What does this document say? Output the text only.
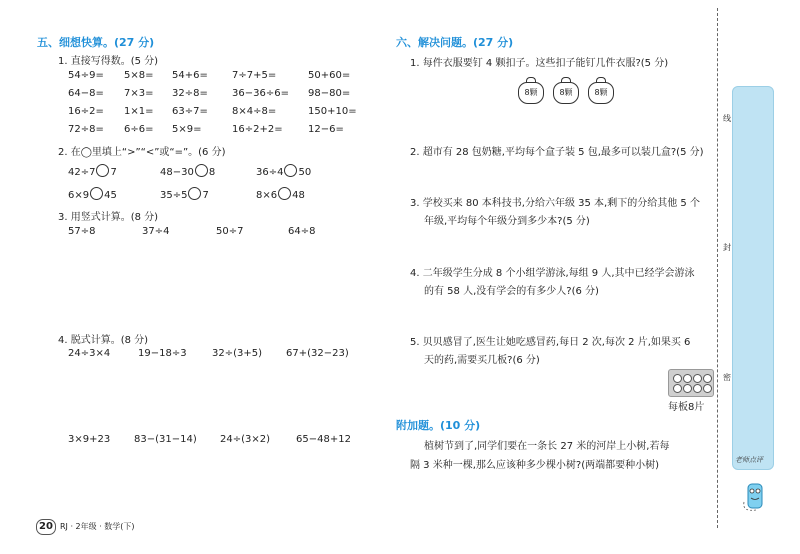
五、细想快算。(27 分)
1. 直接写得数。(5 分)
54÷9= 5×8= 54+6= 7÷7+5=	50+60=
64−8= 7×3= 32÷8= 36−36÷6= 98−80=
16÷2= 1×1= 63÷7= 8×4÷8=	150+10=
72÷8= 6÷6= 5×9=	16÷2+2=	12−6=
2. 在◯里填上“>”“<”或“=”。(6 分)
42÷7 7	48−30 8	36÷4 50
6×9 45	35÷5 7	8×6 48
3. 用竖式计算。(8 分)
57÷8	37÷4	50÷7	64÷8
4. 脱式计算。(8 分)
24÷3×4	19−18÷3	32÷(3+5) 67+(32−23)
3×9+23 83−(31−14) 24÷(3×2)	65−48+12
六、解决问题。(27 分)
1. 每件衣服要钉 4 颗扣子。这些扣子能钉几件衣服?(5 分)
8颗	8颗	8颗
2. 超市有 28 包奶糖,平均每个盒子装 5 包,最多可以装几盒?(5 分)
3. 学校买来 80 本科技书,分给六年级 35 本,剩下的分给其他 5 个
年级,平均每个年级分到多少本?(5 分)
4. 二年级学生分成 8 个小组学游泳,每组 9 人,其中已经学会游泳
的有 58 人,没有学会的有多少人?(6 分)
5. 贝贝感冒了,医生让她吃感冒药,每日 2 次,每次 2 片,如果买 6
天的药,需要买几板?(6 分)
每板8片
附加题。(10 分)
植树节到了,同学们要在一条长 27 米的河岸上小树,若每
隔 3 米种一棵,那么应该种多少棵小树?(两端都要种小树)
线
封
密
老师点评
20 RJ · 2年级 · 数学(下)
